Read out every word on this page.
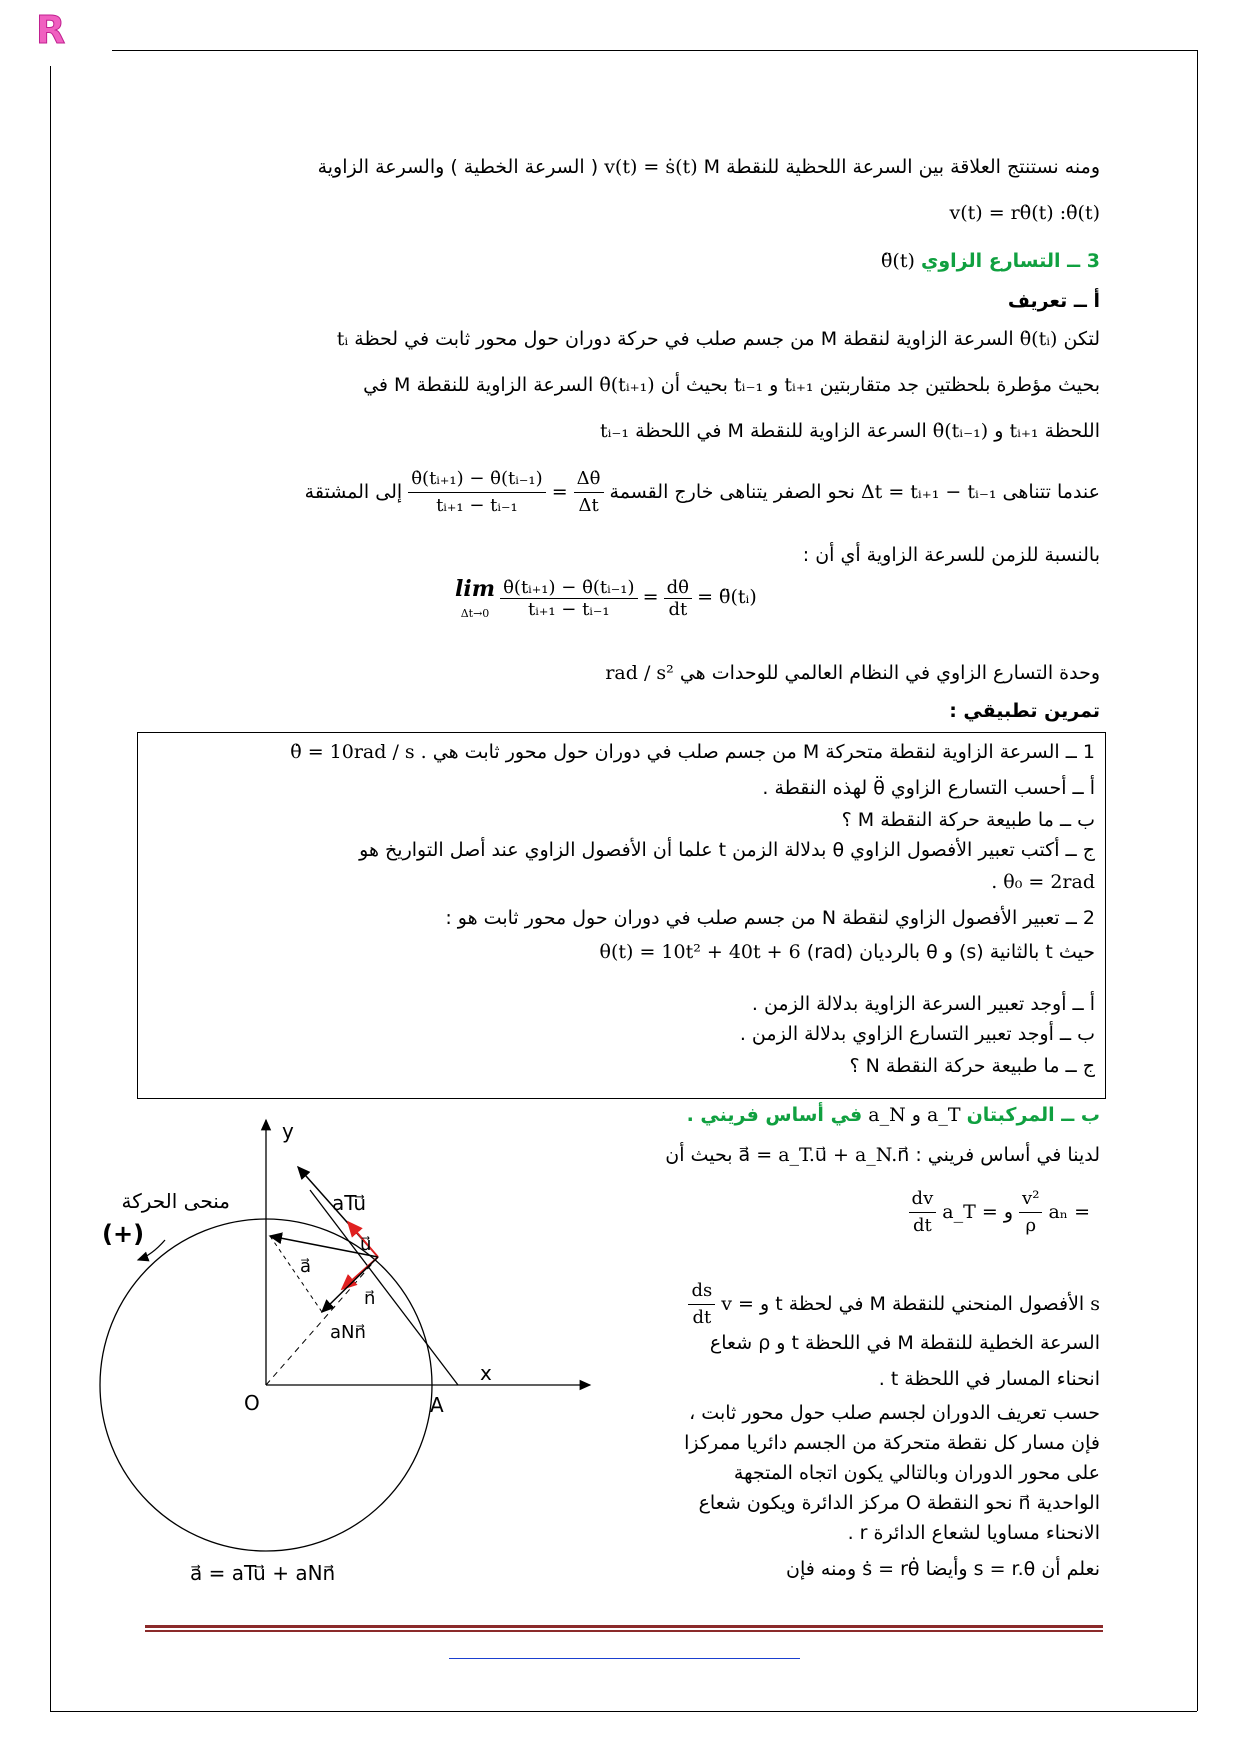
R
ومنه نستنتج العلاقة بين السرعة اللحظية للنقطة M v(t) = ṡ(t) ( السرعة الخطية ) والسرعة الزاوية
v(t) = rθ̇(t) :θ̇(t)
3 ــ التسارع الزاوي θ̈(t)
أ ــ تعريف
لتكن θ̇(tᵢ) السرعة الزاوية لنقطة M من جسم صلب في حركة دوران حول محور ثابت في لحظة tᵢ
بحيث مؤطرة بلحظتين جد متقاربتين tᵢ₊₁ و tᵢ₋₁ بحيث أن θ̇(tᵢ₊₁) السرعة الزاوية للنقطة M في
اللحظة tᵢ₊₁ و θ̇(tᵢ₋₁) السرعة الزاوية للنقطة M في اللحظة tᵢ₋₁
عندما تتناهى Δt = tᵢ₊₁ − tᵢ₋₁ نحو الصفر يتناهى خارج القسمة
$\frac{\Delta\thetȧ}{\Delta t}$
=
$\frac{\text{θ̇(tᵢ₊₁) − θ̇(tᵢ₋₁)}}{\text{tᵢ₊₁ − tᵢ₋₁}}$
إلى المشتقة
بالنسبة للزمن للسرعة الزاوية أي أن :
lim
$\Delta t\to 0 \frac{\text{θ̇(tᵢ₊₁) − θ̇(tᵢ₋₁)}}{\text{tᵢ₊₁ − tᵢ₋₁}} = \frac{d\thetȧ}{dt}$ = θ̈(tᵢ)
وحدة التسارع الزاوي في النظام العالمي للوحدات هي rad / s²
تمرين تطبيقي :
1 ــ السرعة الزاوية لنقطة متحركة M من جسم صلب في دوران حول محور ثابت هي θ̇ = 10rad / s .
أ ــ أحسب التسارع الزاوي θ̈ لهذه النقطة .
ب ــ ما طبيعة حركة النقطة M ؟
ج ــ أكتب تعبير الأفصول الزاوي θ بدلالة الزمن t علما أن الأفصول الزاوي عند أصل التواريخ هو
. θ₀ = 2rad
2 ــ تعبير الأفصول الزاوي لنقطة N من جسم صلب في دوران حول محور ثابت هو :
حيث t بالثانية (s) و θ بالرديان (rad) θ(t) = 10t² + 40t + 6
أ ــ أوجد تعبير السرعة الزاوية بدلالة الزمن .
ب ــ أوجد تعبير التسارع الزاوي بدلالة الزمن .
ج ــ ما طبيعة حركة النقطة N ؟
ب ــ المركبتان a_N و a_T في أساس فريني .
لدينا في أساس فريني : a⃗ = a_T.u⃗ + a_N.n⃗ بحيث أن
aₙ =
$\frac{\text{v²}}{\rho}$
و a_T =
$\frac{dv}{dt}$
s الأفصول المنحني للنقطة M في لحظة t و v =
$\frac{ds}{dt}$
السرعة الخطية للنقطة M في اللحظة t و ρ شعاع
انحناء المسار في اللحظة t .
حسب تعريف الدوران لجسم صلب حول محور ثابت ،
فإن مسار كل نقطة متحركة من الجسم دائريا ممركزا
على محور الدوران وبالتالي يكون اتجاه المتجهة
الواحدية n⃗ نحو النقطة O مركز الدائرة ويكون شعاع
الانحناء مساويا لشعاع الدائرة r .
نعلم أن s = r.θ وأيضا ṡ = rθ̇ ومنه فإن
y
x
O	A
منحى الحركة
(+)
aTu⃗
u⃗
a⃗
n⃗
aNn⃗
a⃗ = aTu⃗ + aNn⃗
